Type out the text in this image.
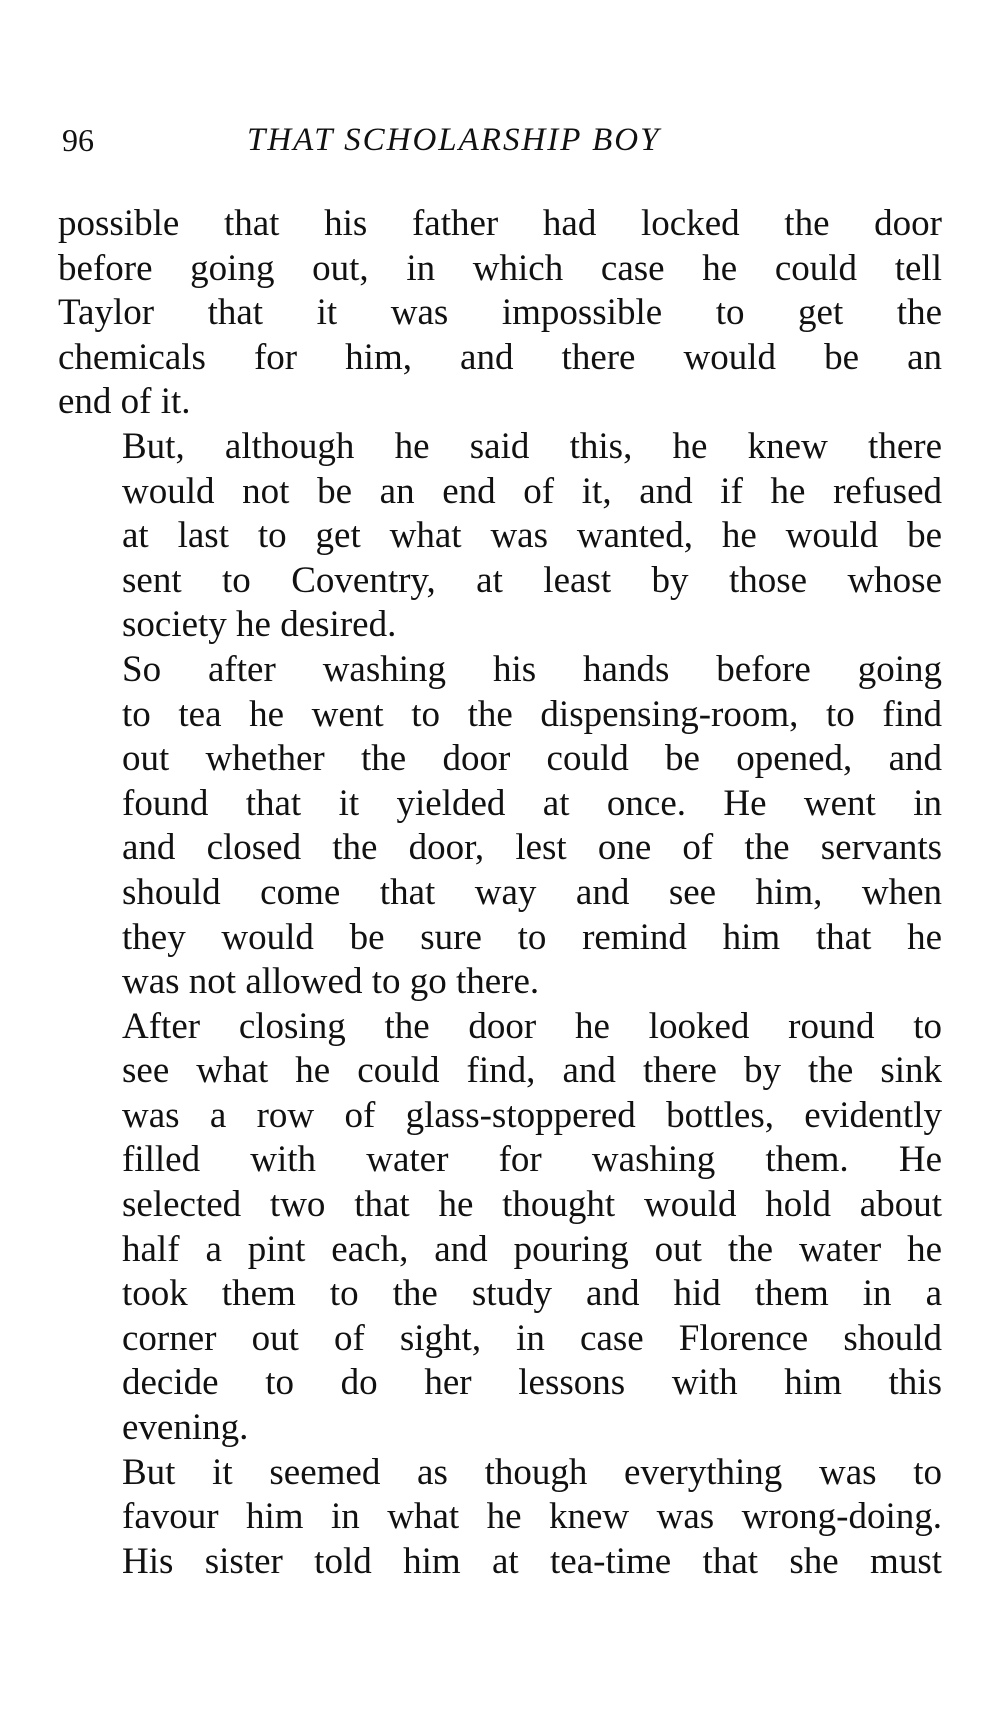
96	THAT SCHOLARSHIP BOY
possible that his father had locked the door
before going out, in which case he could tell
Taylor that it was impossible to get the
chemicals for him, and there would be an
end of it.
But, although he said this, he knew there
would not be an end of it, and if he refused
at last to get what was wanted, he would be
sent to Coventry, at least by those whose
society he desired.
So after washing his hands before going
to tea he went to the dispensing-room, to find
out whether the door could be opened, and
found that it yielded at once. He went in
and closed the door, lest one of the servants
should come that way and see him, when
they would be sure to remind him that he
was not allowed to go there.
After closing the door he looked round to
see what he could find, and there by the sink
was a row of glass-stoppered bottles, evidently
filled with water for washing them. He
selected two that he thought would hold about
half a pint each, and pouring out the water he
took them to the study and hid them in a
corner out of sight, in case Florence should
decide to do her lessons with him this
evening.
But it seemed as though everything was to
favour him in what he knew was wrong-doing.
His sister told him at tea-time that she must
